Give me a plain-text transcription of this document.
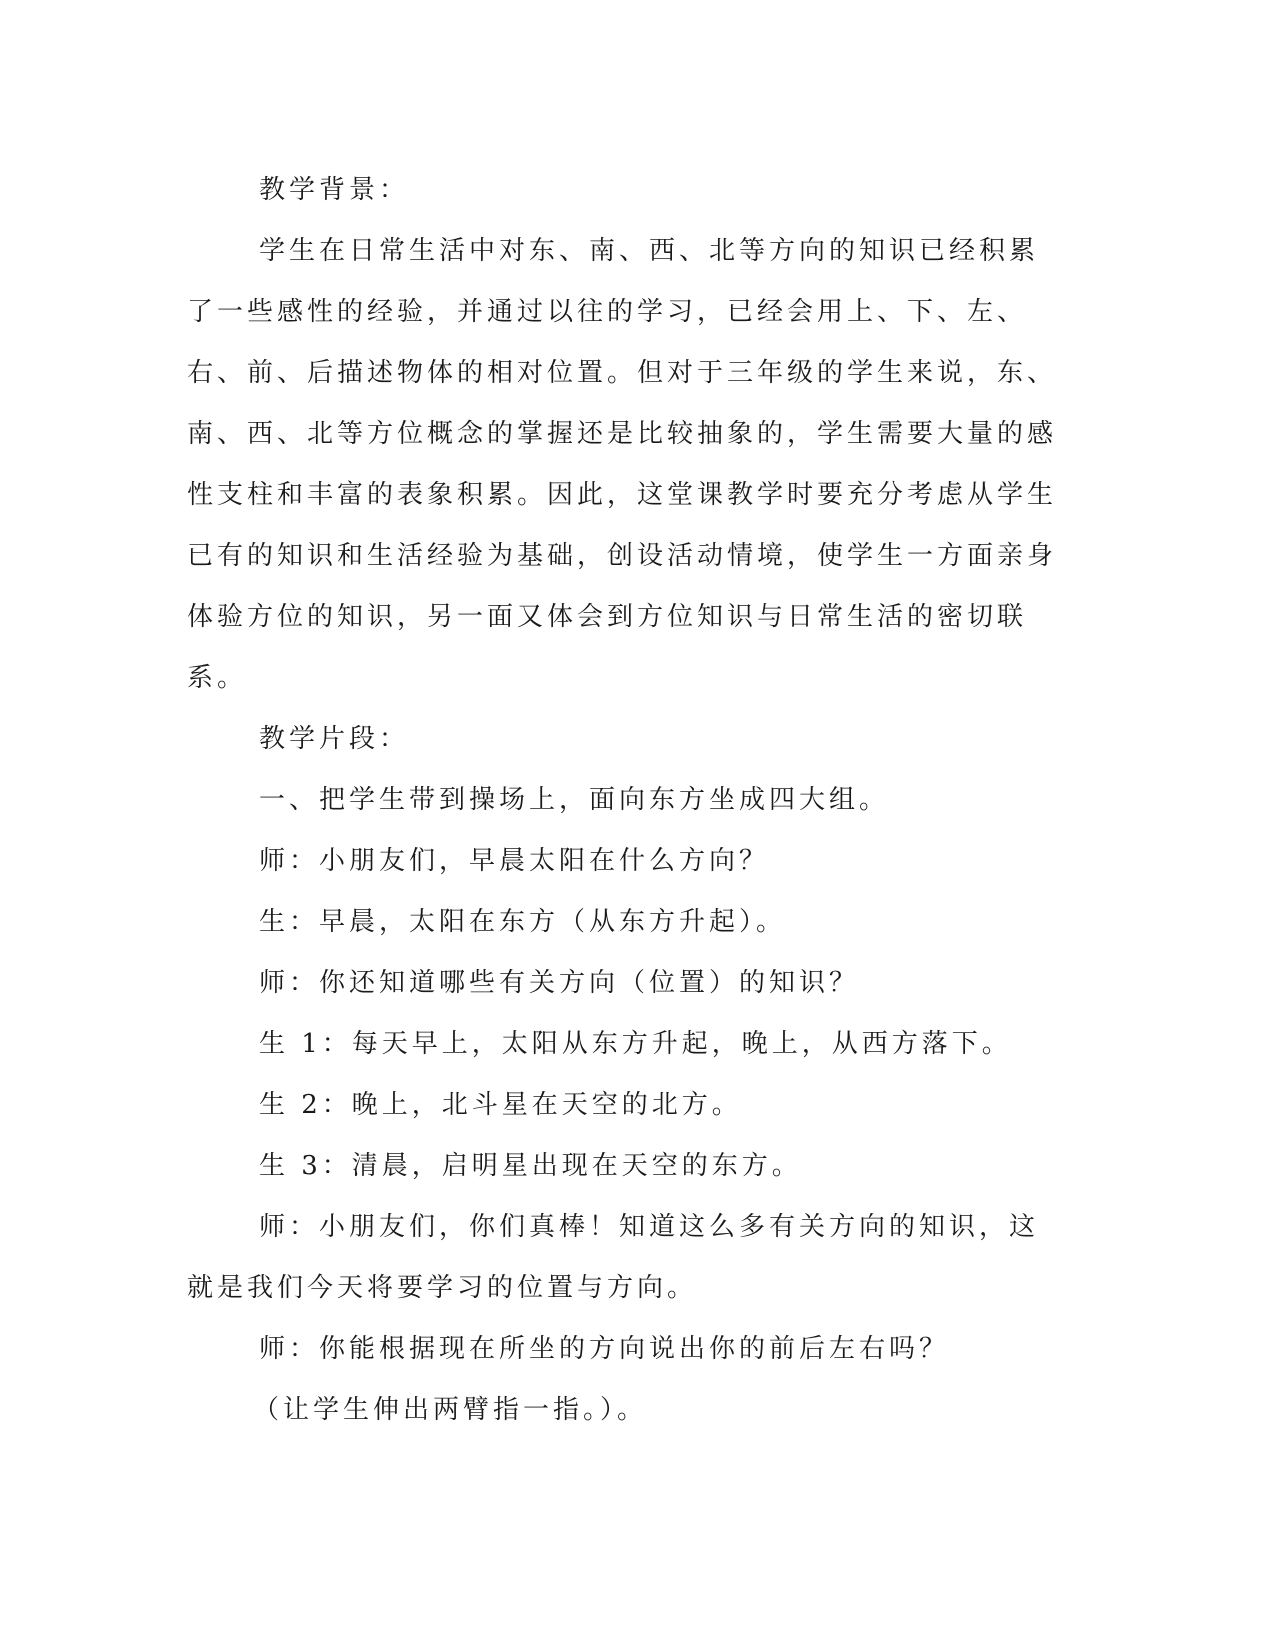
教学背景：

学生在日常生活中对东、南、西、北等方向的知识已经积累了一些感性的经验，并通过以往的学习，已经会用上、下、左、右、前、后描述物体的相对位置。但对于三年级的学生来说，东、南、西、北等方位概念的掌握还是比较抽象的，学生需要大量的感性支柱和丰富的表象积累。因此，这堂课教学时要充分考虑从学生已有的知识和生活经验为基础，创设活动情境，使学生一方面亲身体验方位的知识，另一面又体会到方位知识与日常生活的密切联系。

教学片段：

一、把学生带到操场上，面向东方坐成四大组。

师：小朋友们，早晨太阳在什么方向？

生：早晨，太阳在东方（从东方升起）。

师：你还知道哪些有关方向（位置）的知识？

生 1：每天早上，太阳从东方升起，晚上，从西方落下。

生 2：晚上，北斗星在天空的北方。

生 3：清晨，启明星出现在天空的东方。

师：小朋友们，你们真棒！知道这么多有关方向的知识，这就是我们今天将要学习的位置与方向。

师：你能根据现在所坐的方向说出你的前后左右吗？

（让学生伸出两臂指一指。）。
